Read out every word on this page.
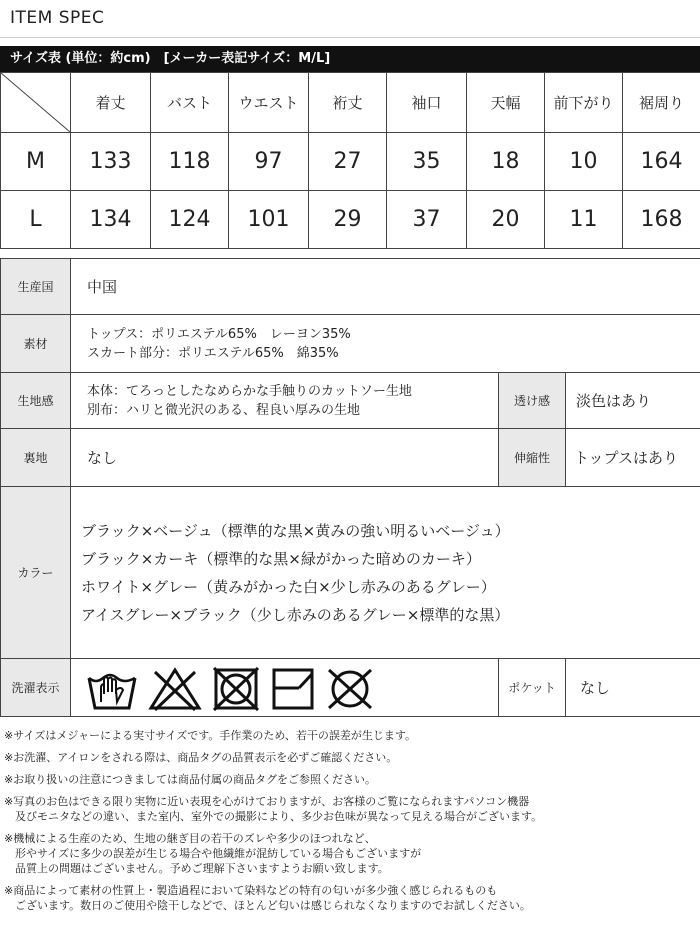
ITEM SPEC
サイズ表 (単位：約cm)　[メーカー表記サイズ：M/L]
	着丈	バスト	ウエスト	裄丈	袖口	天幅	前下がり	裾周り
M	133	118	97	27	35	18	10	164
L	134	124	101	29	37	20	11	168
生産国	中国		
素材	トップス：ポリエステル65%　レーヨン35%
スカート部分：ポリエステル65%　綿35%		

生地感	本体：てろっとしたなめらかな手触りのカットソー生地
別布：ハリと微光沢のある、程良い厚みの生地	透け感	淡色はあり
裏地	なし	伸縮性	トップスはあり
カラー	ブラック×ベージュ（標準的な黒×黄みの強い明るいベージュ）
ブラック×カーキ（標準的な黒×緑がかった暗めのカーキ）
ホワイト×グレー（黄みがかった白×少し赤みのあるグレー）
アイスグレー×ブラック（少し赤みのあるグレー×標準的な黒）		

洗濯表示		ポケット	なし
※サイズはメジャーによる実寸サイズです。手作業のため、若干の誤差が生じます。
※お洗濯、アイロンをされる際は、商品タグの品質表示を必ずご確認ください。
※お取り扱いの注意につきましては商品付属の商品タグをご参照ください。
※写真のお色はできる限り実物に近い表現を心がけておりますが、お客様のご覧になられますパソコン機器
　及びモニタなどの違い、また室内、室外での撮影により、多少お色味が異なって見える場合がございます。
※機械による生産のため、生地の継ぎ目の若干のズレや多少のほつれなど、
　形やサイズに多少の誤差が生じる場合や他繊維が混紡している場合もございますが
　品質上の問題はございません。予めご理解下さいますようお願い致します。
※商品によって素材の性質上・製造過程において染料などの特有の匂いが多少強く感じられるものも
　ございます。数日のご使用や陰干しなどで、ほとんど匂いは感じられなくなりますのでお試しください。
